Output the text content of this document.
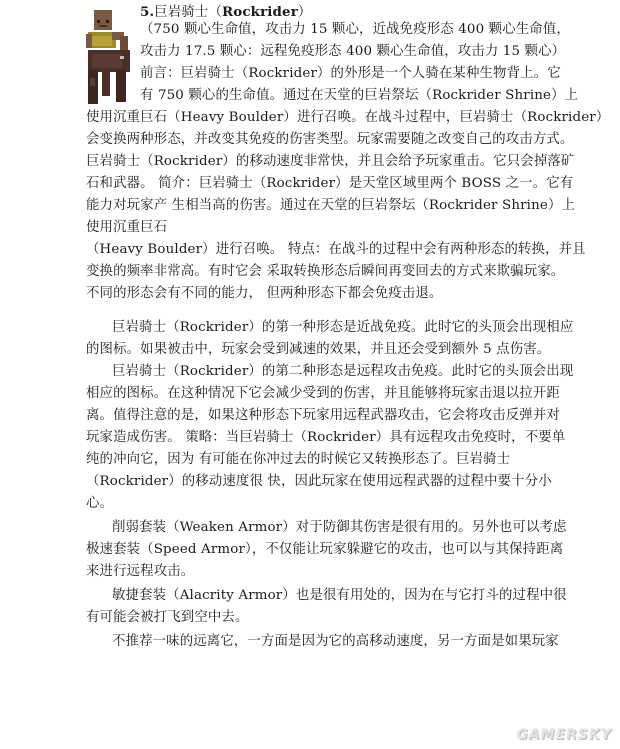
5.巨岩骑士（Rockrider）
（750 颗心生命值，攻击力 15 颗心，近战免疫形态 400 颗心生命值，
攻击力 17.5 颗心：远程免疫形态 400 颗心生命值，攻击力 15 颗心）
前言：巨岩骑士（Rockrider）的外形是一个人骑在某种生物背上。它
有 750 颗心的生命值。通过在天堂的巨岩祭坛（Rockrider Shrine）上
使用沉重巨石（Heavy Boulder）进行召唤。在战斗过程中，巨岩骑士（Rockrider）
会变换两种形态，并改变其免疫的伤害类型。玩家需要随之改变自己的攻击方式。
巨岩骑士（Rockrider）的移动速度非常快，并且会给予玩家重击。它只会掉落矿
石和武器。 简介：巨岩骑士（Rockrider）是天堂区域里两个 BOSS 之一。它有
能力对玩家产 生相当高的伤害。通过在天堂的巨岩祭坛（Rockrider Shrine）上
使用沉重巨石
（Heavy Boulder）进行召唤。 特点：在战斗的过程中会有两种形态的转换，并且
变换的频率非常高。有时它会 采取转换形态后瞬间再变回去的方式来欺骗玩家。
不同的形态会有不同的能力， 但两种形态下都会免疫击退。
巨岩骑士（Rockrider）的第一种形态是近战免疫。此时它的头顶会出现相应
的图标。如果被击中，玩家会受到减速的效果，并且还会受到额外 5 点伤害。
巨岩骑士（Rockrider）的第二种形态是远程攻击免疫。此时它的头顶会出现
相应的图标。在这种情况下它会减少受到的伤害，并且能够将玩家击退以拉开距
离。值得注意的是，如果这种形态下玩家用远程武器攻击，它会将攻击反弹并对
玩家造成伤害。 策略：当巨岩骑士（Rockrider）具有远程攻击免疫时，不要单
纯的冲向它，因为 有可能在你冲过去的时候它又转换形态了。巨岩骑士
（Rockrider）的移动速度很 快，因此玩家在使用远程武器的过程中要十分小
心。
削弱套装（Weaken Armor）对于防御其伤害是很有用的。另外也可以考虑
极速套装（Speed Armor），不仅能让玩家躲避它的攻击，也可以与其保持距离
来进行远程攻击。
敏捷套装（Alacrity Armor）也是很有用处的，因为在与它打斗的过程中很
有可能会被打飞到空中去。
不推荐一味的远离它，一方面是因为它的高移动速度，另一方面是如果玩家
GAMERSKY
